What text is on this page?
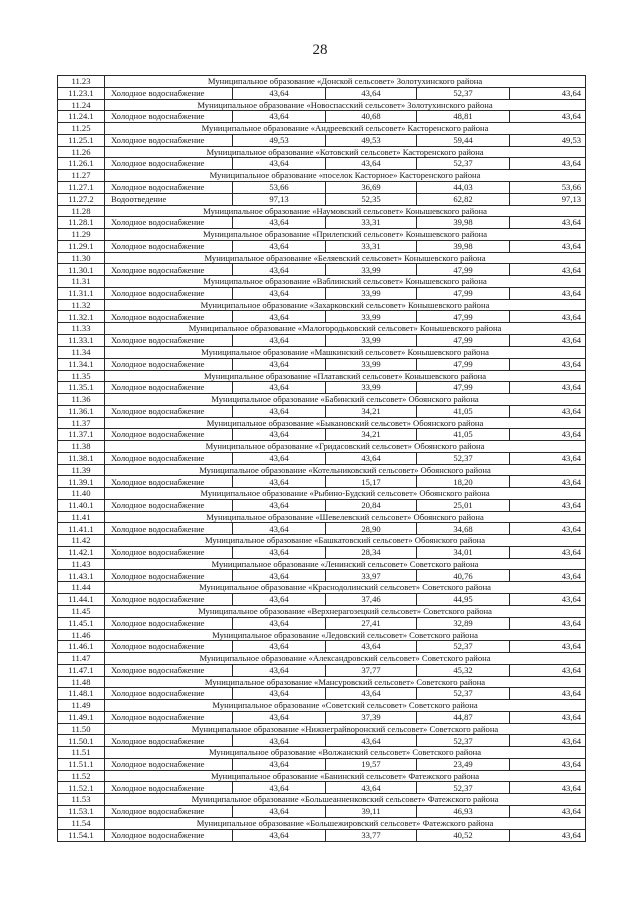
28
11.23	Муниципальное образование «Донской сельсовет» Золотухинского района				
11.23.1	Холодное водоснабжение	43,64	43,64	52,37	43,64
11.24	Муниципальное образование «Новоспасский сельсовет» Золотухинского района				
11.24.1	Холодное водоснабжение	43,64	40,68	48,81	43,64
11.25	Муниципальное образование «Андреевский сельсовет» Касторенского района				
11.25.1	Холодное водоснабжение	49,53	49,53	59,44	49,53
11.26	Муниципальное образование «Котовский сельсовет» Касторенского района				
11.26.1	Холодное водоснабжение	43,64	43,64	52,37	43,64
11.27	Муниципальное образование «поселок Касторное» Касторенского района				
11.27.1	Холодное водоснабжение	53,66	36,69	44,03	53,66
11.27.2	Водоотведение	97,13	52,35	62,82	97,13
11.28	Муниципальное образование «Наумовский сельсовет» Конышевского района				
11.28.1	Холодное водоснабжение	43,64	33,31	39,98	43,64
11.29	Муниципальное образование «Прилепский сельсовет» Конышевского района				
11.29.1	Холодное водоснабжение	43,64	33,31	39,98	43,64
11.30	Муниципальное образование «Беляевский сельсовет» Конышевского района				
11.30.1	Холодное водоснабжение	43,64	33,99	47,99	43,64
11.31	Муниципальное образование «Ваблинский сельсовет» Конышевского района				
11.31.1	Холодное водоснабжение	43,64	33,99	47,99	43,64
11.32	Муниципальное образование «Захарковский сельсовет» Конышевского района				
11.32.1	Холодное водоснабжение	43,64	33,99	47,99	43,64
11.33	Муниципальное образование «Малогородьковский сельсовет» Конышевского района				
11.33.1	Холодное водоснабжение	43,64	33,99	47,99	43,64
11.34	Муниципальное образование «Машкинский сельсовет» Конышевского района				
11.34.1	Холодное водоснабжение	43,64	33,99	47,99	43,64
11.35	Муниципальное образование «Платавский сельсовет» Конышевского района				
11.35.1	Холодное водоснабжение	43,64	33,99	47,99	43,64
11.36	Муниципальное образование «Бабинский сельсовет» Обоянского района				
11.36.1	Холодное водоснабжение	43,64	34,21	41,05	43,64
11.37	Муниципальное образование «Быкановский сельсовет» Обоянского района				
11.37.1	Холодное водоснабжение	43,64	34,21	41,05	43,64
11.38	Муниципальное образование «Гридасовский сельсовет» Обоянского района				
11.38.1	Холодное водоснабжение	43,64	43,64	52,37	43,64
11.39	Муниципальное образование «Котельниковский сельсовет» Обоянского района				
11.39.1	Холодное водоснабжение	43,64	15,17	18,20	43,64
11.40	Муниципальное образование «Рыбино-Будский сельсовет» Обоянского района				
11.40.1	Холодное водоснабжение	43,64	20,84	25,01	43,64
11.41	Муниципальное образование «Шевелевский сельсовет» Обоянского района				
11.41.1	Холодное водоснабжение	43,64	28,90	34,68	43,64
11.42	Муниципальное образование «Башкатовский сельсовет» Обоянского района				
11.42.1	Холодное водоснабжение	43,64	28,34	34,01	43,64
11.43	Муниципальное образование «Ленинский сельсовет» Советского района				
11.43.1	Холодное водоснабжение	43,64	33,97	40,76	43,64
11.44	Муниципальное образование «Краснодолинский сельсовет» Советского района				
11.44.1	Холодное водоснабжение	43,64	37,46	44,95	43,64
11.45	Муниципальное образование «Верхнерагозецкий сельсовет» Советского района				
11.45.1	Холодное водоснабжение	43,64	27,41	32,89	43,64
11.46	Муниципальное образование «Ледовский сельсовет» Советского района				
11.46.1	Холодное водоснабжение	43,64	43,64	52,37	43,64
11.47	Муниципальное образование «Александровский сельсовет» Советского района				
11.47.1	Холодное водоснабжение	43,64	37,77	45,32	43,64
11.48	Муниципальное образование «Мансуровский сельсовет» Советского района				
11.48.1	Холодное водоснабжение	43,64	43,64	52,37	43,64
11.49	Муниципальное образование «Советский сельсовет» Советского района				
11.49.1	Холодное водоснабжение	43,64	37,39	44,87	43,64
11.50	Муниципальное образование «Нижнеграйворонский сельсовет» Советского района				
11.50.1	Холодное водоснабжение	43,64	43,64	52,37	43,64
11.51	Муниципальное образование «Волжанский сельсовет» Советского района				
11.51.1	Холодное водоснабжение	43,64	19,57	23,49	43,64
11.52	Муниципальное образование «Банинский сельсовет» Фатежского района				
11.52.1	Холодное водоснабжение	43,64	43,64	52,37	43,64
11.53	Муниципальное образование «Большеанненковский сельсовет» Фатежского района				
11.53.1	Холодное водоснабжение	43,64	39,11	46,93	43,64
11.54	Муниципальное образование «Большежировский сельсовет» Фатежского района				
11.54.1	Холодное водоснабжение	43,64	33,77	40,52	43,64
